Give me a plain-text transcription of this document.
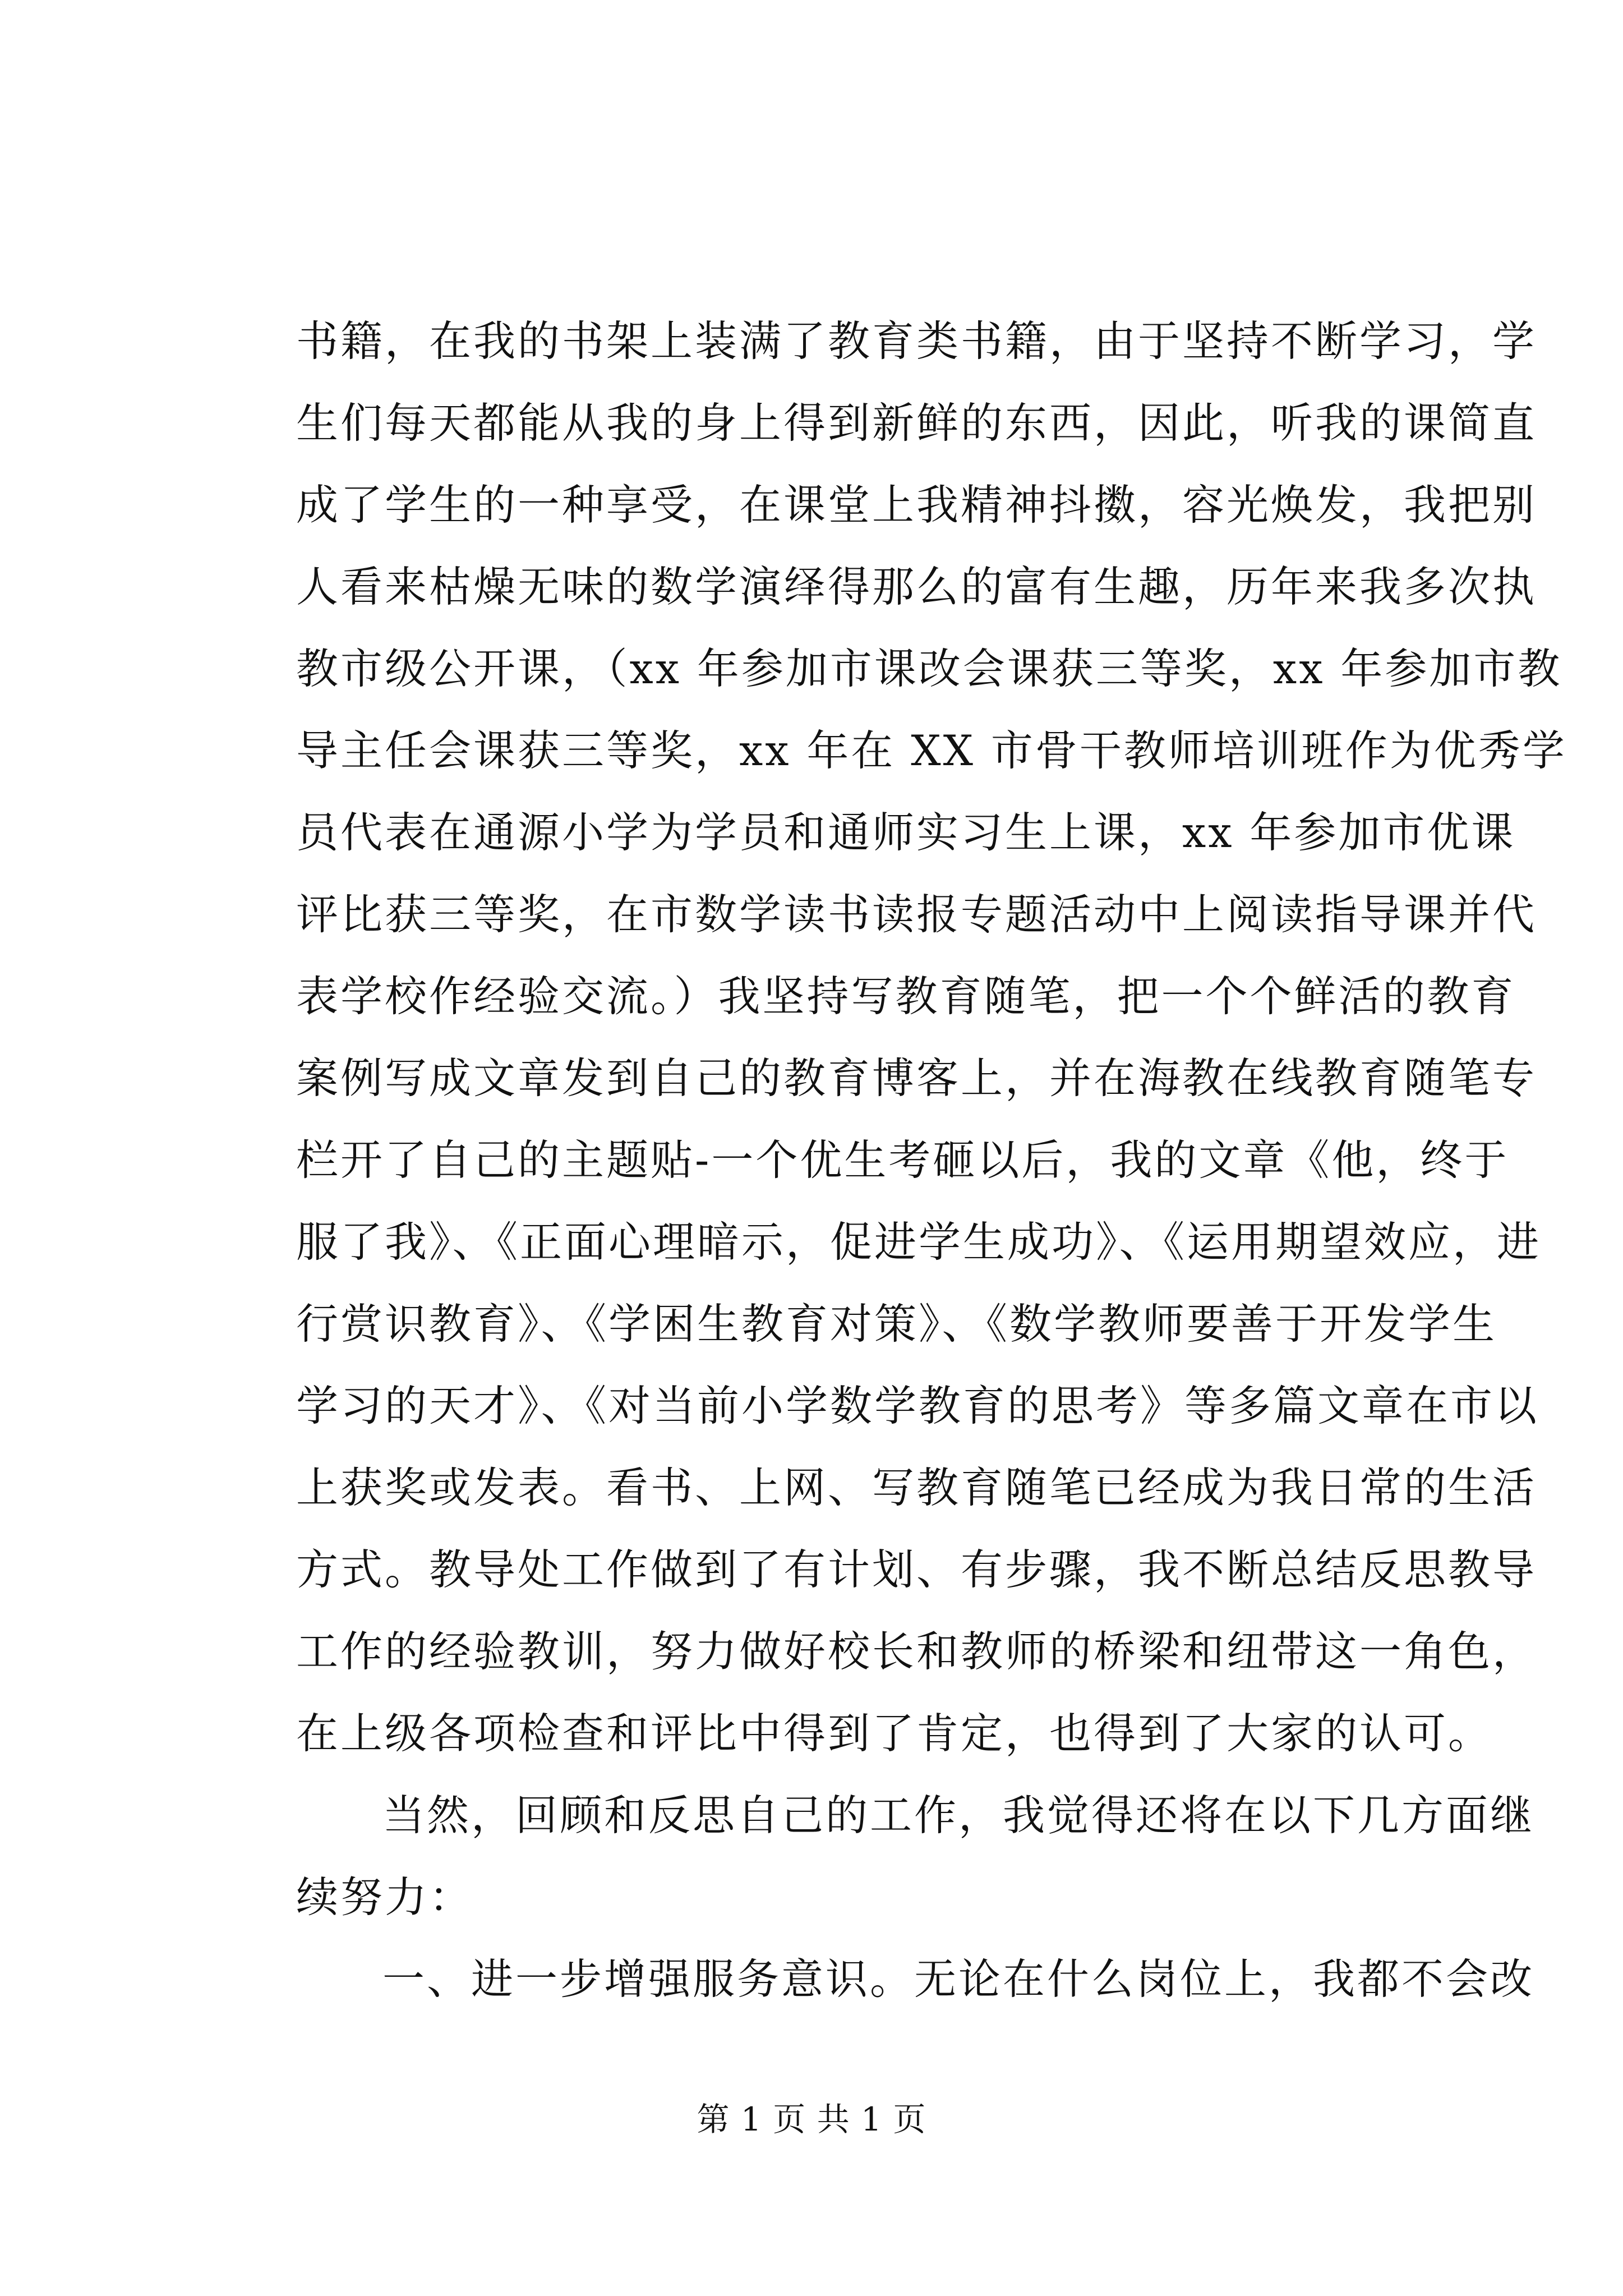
书籍，在我的书架上装满了教育类书籍，由于坚持不断学习，学
生们每天都能从我的身上得到新鲜的东西，因此，听我的课简直
成了学生的一种享受，在课堂上我精神抖擞，容光焕发，我把别
人看来枯燥无味的数学演绎得那么的富有生趣，历年来我多次执
教市级公开课，（xx 年参加市课改会课获三等奖，xx 年参加市教
导主任会课获三等奖，xx 年在 XX 市骨干教师培训班作为优秀学
员代表在通源小学为学员和通师实习生上课，xx 年参加市优课
评比获三等奖，在市数学读书读报专题活动中上阅读指导课并代
表学校作经验交流。）我坚持写教育随笔，把一个个鲜活的教育
案例写成文章发到自己的教育博客上，并在海教在线教育随笔专
栏开了自己的主题贴-一个优生考砸以后，我的文章《他，终于
服了我》、《正面心理暗示，促进学生成功》、《运用期望效应，进
行赏识教育》、《学困生教育对策》、《数学教师要善于开发学生
学习的天才》、《对当前小学数学教育的思考》等多篇文章在市以
上获奖或发表。看书、上网、写教育随笔已经成为我日常的生活
方式。教导处工作做到了有计划、有步骤，我不断总结反思教导
工作的经验教训，努力做好校长和教师的桥梁和纽带这一角色，
在上级各项检查和评比中得到了肯定，也得到了大家的认可。

当然，回顾和反思自己的工作，我觉得还将在以下几方面继
续努力：

一、进一步增强服务意识。无论在什么岗位上，我都不会改

第 1 页 共 1 页
